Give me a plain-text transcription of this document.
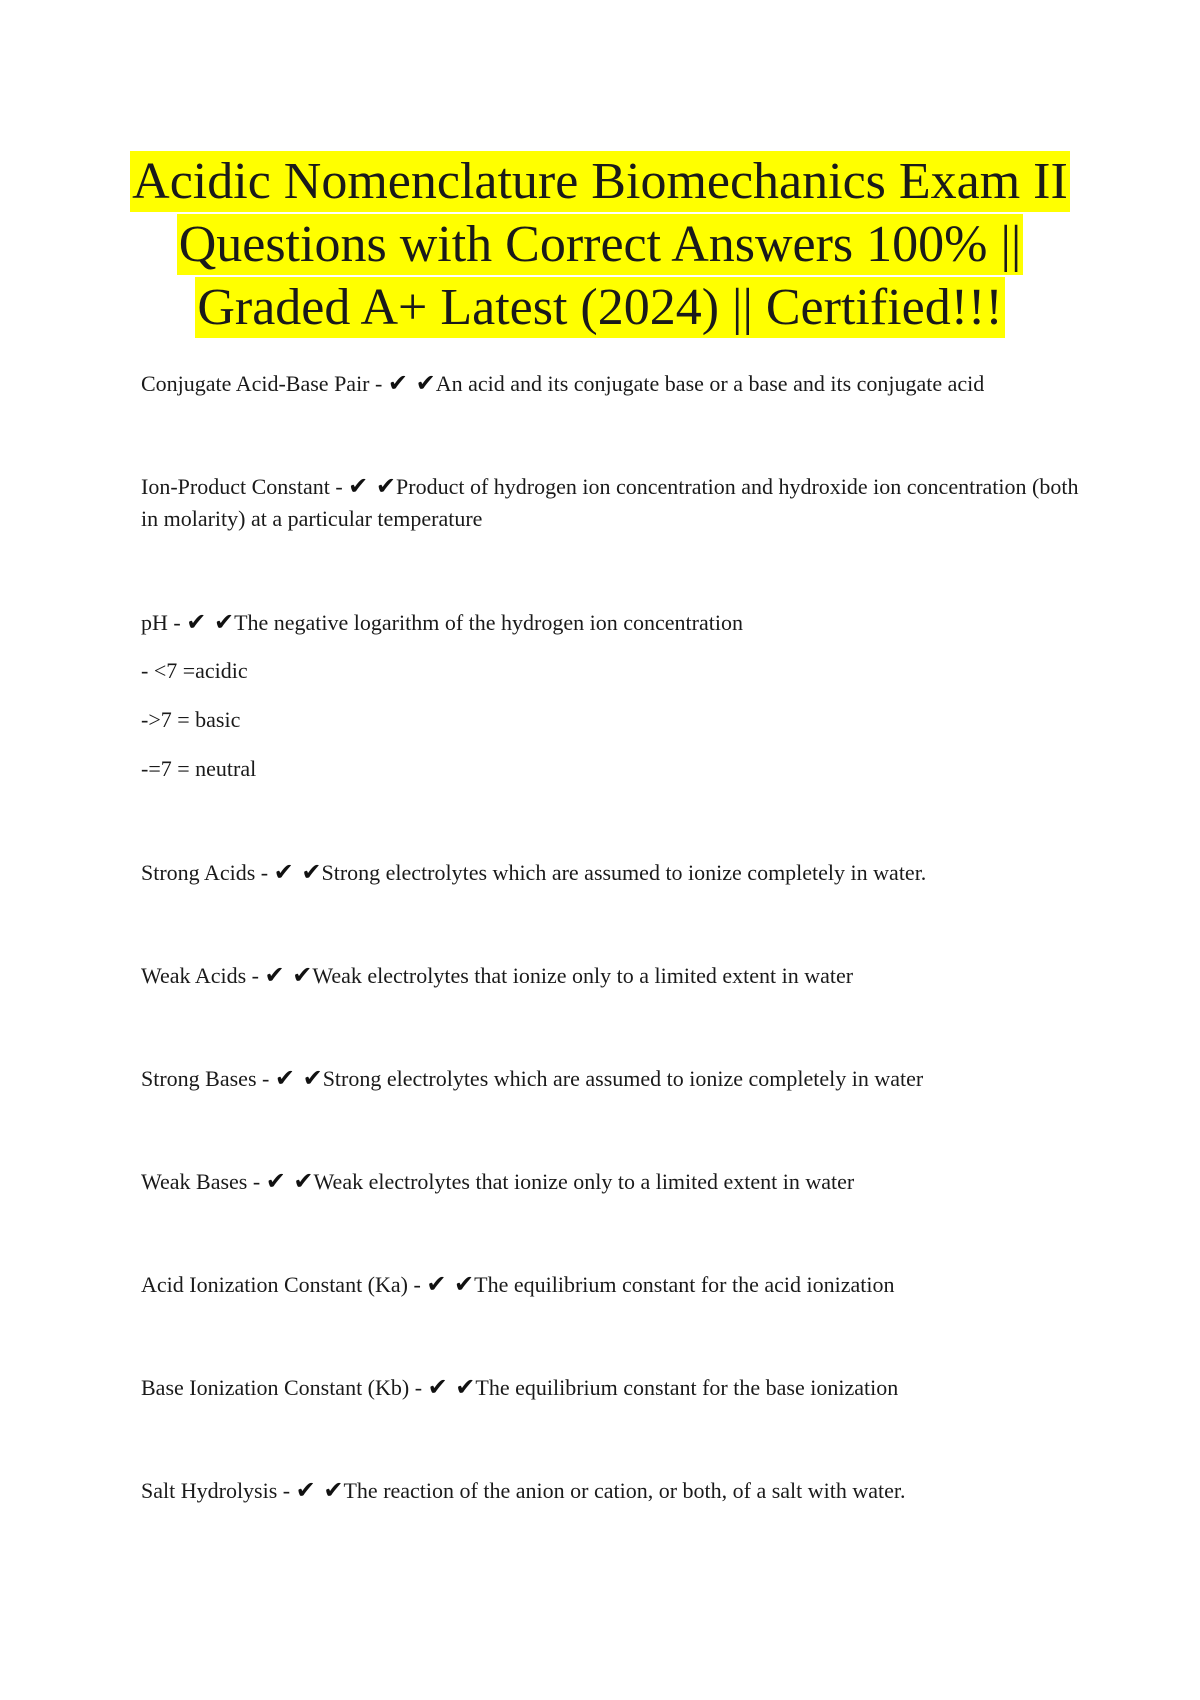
Acidic Nomenclature Biomechanics Exam II Questions with Correct Answers 100% || Graded A+ Latest (2024) || Certified!!!
Conjugate Acid-Base Pair - ✔ ✔An acid and its conjugate base or a base and its conjugate acid
Ion-Product Constant - ✔ ✔Product of hydrogen ion concentration and hydroxide ion concentration (both in molarity) at a particular temperature
pH - ✔ ✔The negative logarithm of the hydrogen ion concentration
- <7 =acidic
->7 = basic
-=7 = neutral
Strong Acids - ✔ ✔Strong electrolytes which are assumed to ionize completely in water.
Weak Acids - ✔ ✔Weak electrolytes that ionize only to a limited extent in water
Strong Bases - ✔ ✔Strong electrolytes which are assumed to ionize completely in water
Weak Bases - ✔ ✔Weak electrolytes that ionize only to a limited extent in water
Acid Ionization Constant (Ka) - ✔ ✔The equilibrium constant for the acid ionization
Base Ionization Constant (Kb) - ✔ ✔The equilibrium constant for the base ionization
Salt Hydrolysis - ✔ ✔The reaction of the anion or cation, or both, of a salt with water.
